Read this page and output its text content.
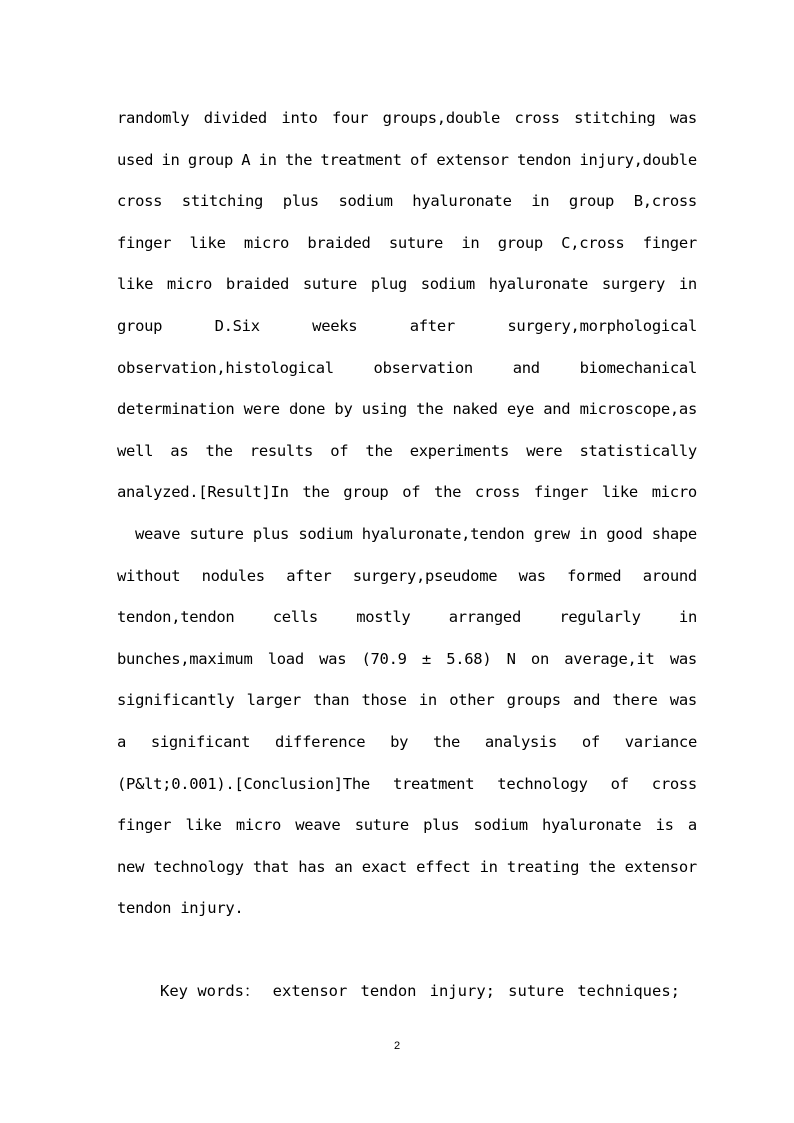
randomly divided into four groups,double cross stitching was
used in group A in the treatment of extensor tendon injury,double
cross stitching plus sodium hyaluronate in group B,cross
finger like micro braided suture in group C,cross finger
like micro braided suture plug sodium hyaluronate surgery in
group	D.Six	weeks	after	surgery,morphological
observation,histological	observation	and	biomechanical
determination were done by using the naked eye and microscope,as
well as the results of the experiments were statistically
analyzed.[Result]In the group of the cross finger like micro
weave suture plus sodium hyaluronate,tendon grew in good shape
without nodules after surgery,pseudome was formed around
tendon,tendon cells mostly arranged regularly in
bunches,maximum load was (70.9 ± 5.68) N on average,it was
significantly larger than those in other groups and there was
a significant difference by the analysis of variance
(P&lt;0.001).[Conclusion]The treatment technology of cross
finger like micro weave suture plus sodium hyaluronate is a
new technology that has an exact effect in treating the extensor
tendon injury.
Key words： extensor tendon injury; suture techniques;
2
